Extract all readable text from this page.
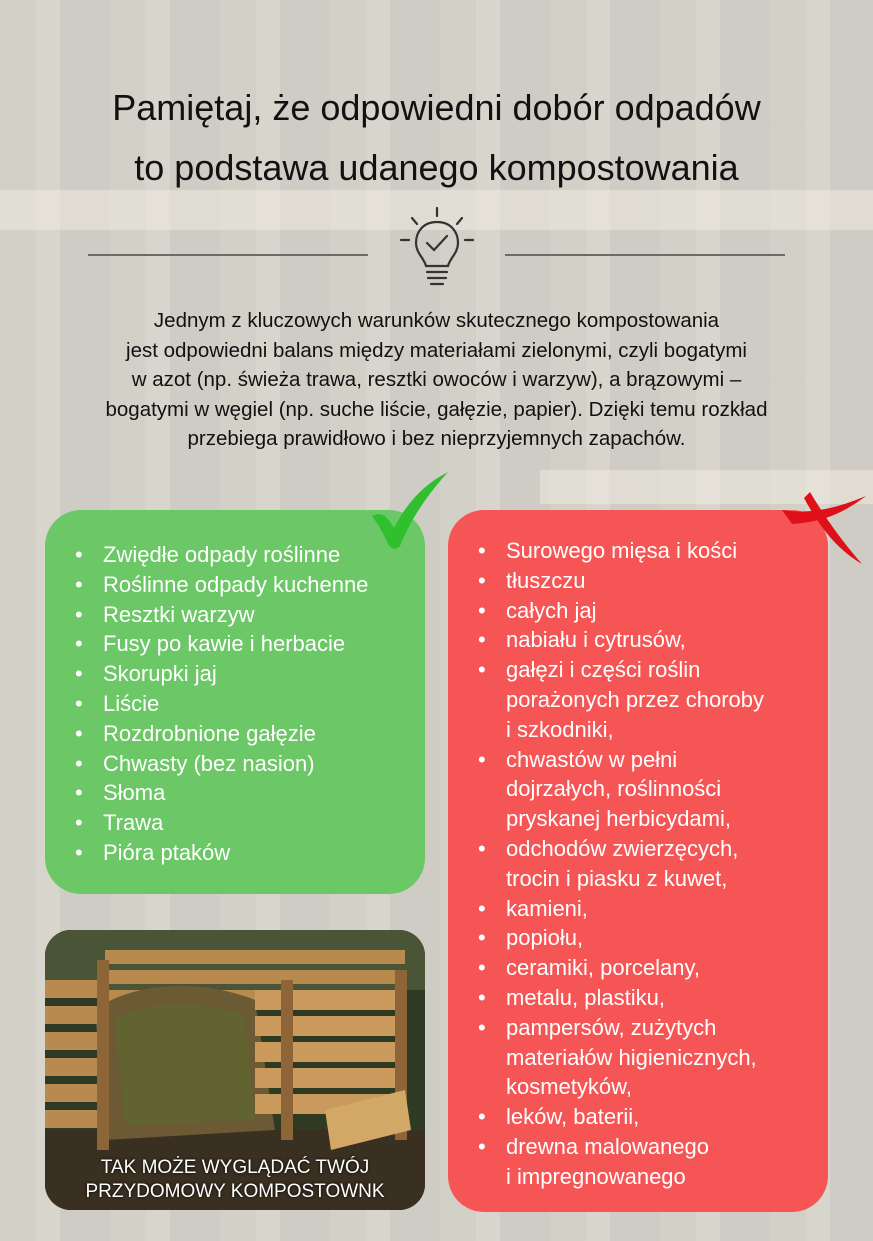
Pamiętaj, że odpowiedni dobór odpadów
to podstawa udanego kompostowania

Jednym z kluczowych warunków skutecznego kompostowania
jest odpowiedni balans między materiałami zielonymi, czyli bogatymi
w azot (np. świeża trawa, resztki owoców i warzyw), a brązowymi –
bogatymi w węgiel (np. suche liście, gałęzie, papier). Dzięki temu rozkład
przebiega prawidłowo i bez nieprzyjemnych zapachów.

• Zwiędłe odpady roślinne
• Roślinne odpady kuchenne
• Resztki warzyw
• Fusy po kawie i herbacie
• Skorupki jaj
• Liście
• Rozdrobnione gałęzie
• Chwasty (bez nasion)
• Słoma
• Trawa
• Pióra ptaków
• Surowego mięsa i kości
• tłuszczu
• całych jaj
• nabiału i cytrusów,
• gałęzi i części roślin
porażonych przez choroby
i szkodniki,
• chwastów w pełni
dojrzałych, roślinności
pryskanej herbicydami,
• odchodów zwierzęcych,
trocin i piasku z kuwet,
• kamieni,
• popiołu,
• ceramiki, porcelany,
• metalu, plastiku,
• pampersów, zużytych
materiałów higienicznych,
kosmetyków,
• leków, baterii,
• drewna malowanego
i impregnowanego
TAK MOŻE WYGLĄDAĆ TWÓJ
PRZYDOMOWY KOMPOSTOWNK
